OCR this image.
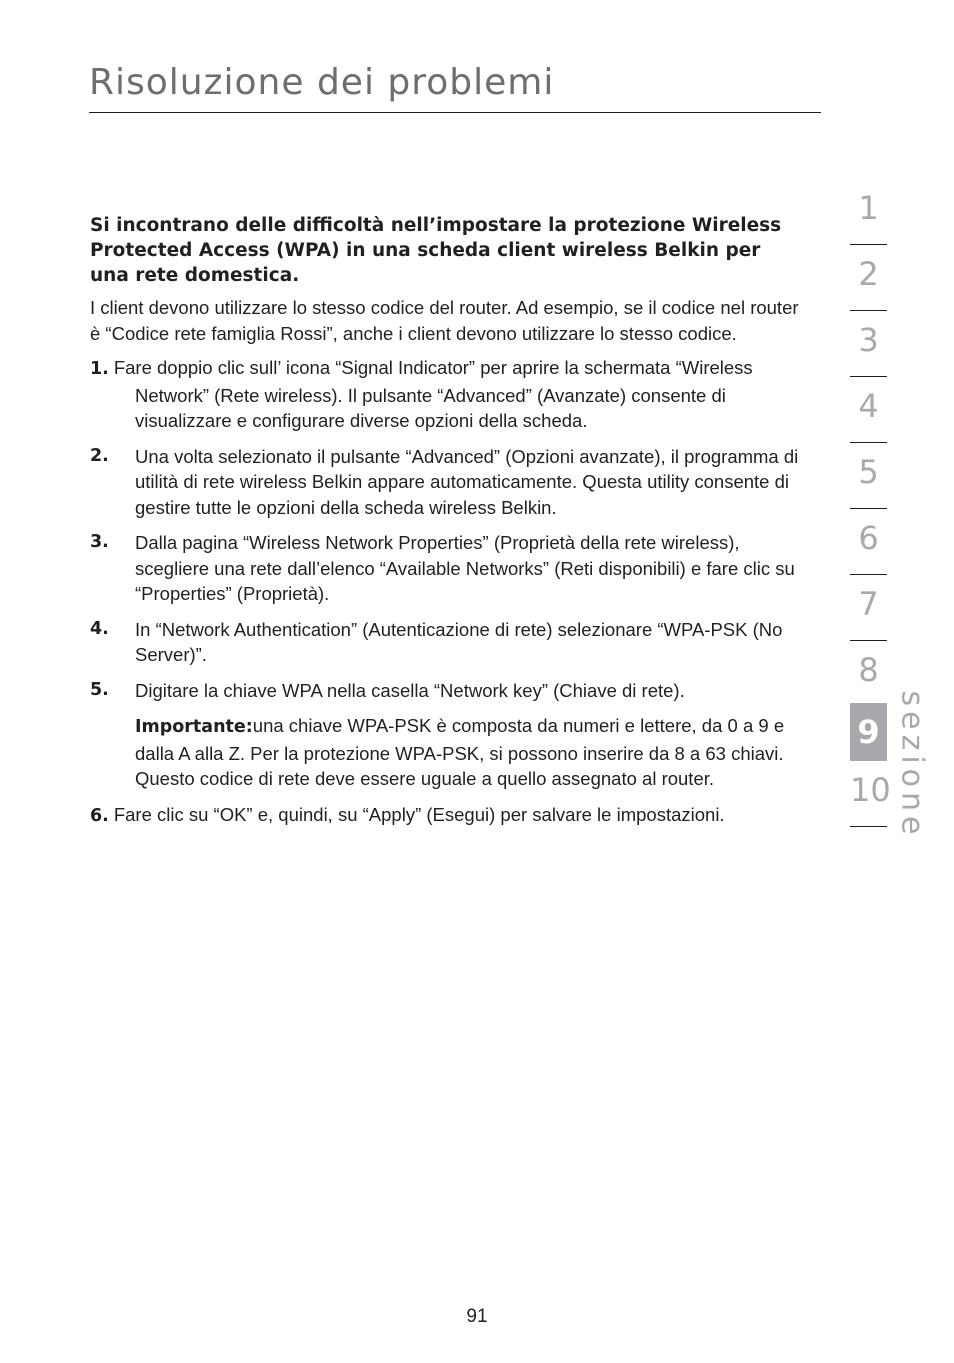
Risoluzione dei problemi

Si incontrano delle difficoltà nell’impostare la protezione Wireless Protected Access (WPA) in una scheda client wireless Belkin per una rete domestica.

I client devono utilizzare lo stesso codice del router. Ad esempio, se il codice nel router è “Codice rete famiglia Rossi”, anche i client devono utilizzare lo stesso codice.

1. Fare doppio clic sull’ icona “Signal Indicator” per aprire la schermata “Wireless Network” (Rete wireless). Il pulsante “Advanced” (Avanzate) consente di visualizzare e configurare diverse opzioni della scheda.
2. Una volta selezionato il pulsante “Advanced” (Opzioni avanzate), il programma di utilità di rete wireless Belkin appare automaticamente. Questa utility consente di gestire tutte le opzioni della scheda wireless Belkin.
3. Dalla pagina “Wireless Network Properties” (Proprietà della rete wireless), scegliere una rete dall’elenco “Available Networks” (Reti disponibili) e fare clic su “Properties” (Proprietà).
4. In “Network Authentication” (Autenticazione di rete) selezionare “WPA-PSK (No Server)”.
5. Digitare la chiave WPA nella casella “Network key” (Chiave di rete).

Importante:una chiave WPA-PSK è composta da numeri e lettere, da 0 a 9 e dalla A alla Z. Per la protezione WPA-PSK, si possono inserire da 8 a 63 chiavi. Questo codice di rete deve essere uguale a quello assegnato al router.

6. Fare clic su “OK” e, quindi, su “Apply” (Esegui) per salvare le impostazioni.
1
2
3
4
5
6
7
8
9
10 sezione
91
